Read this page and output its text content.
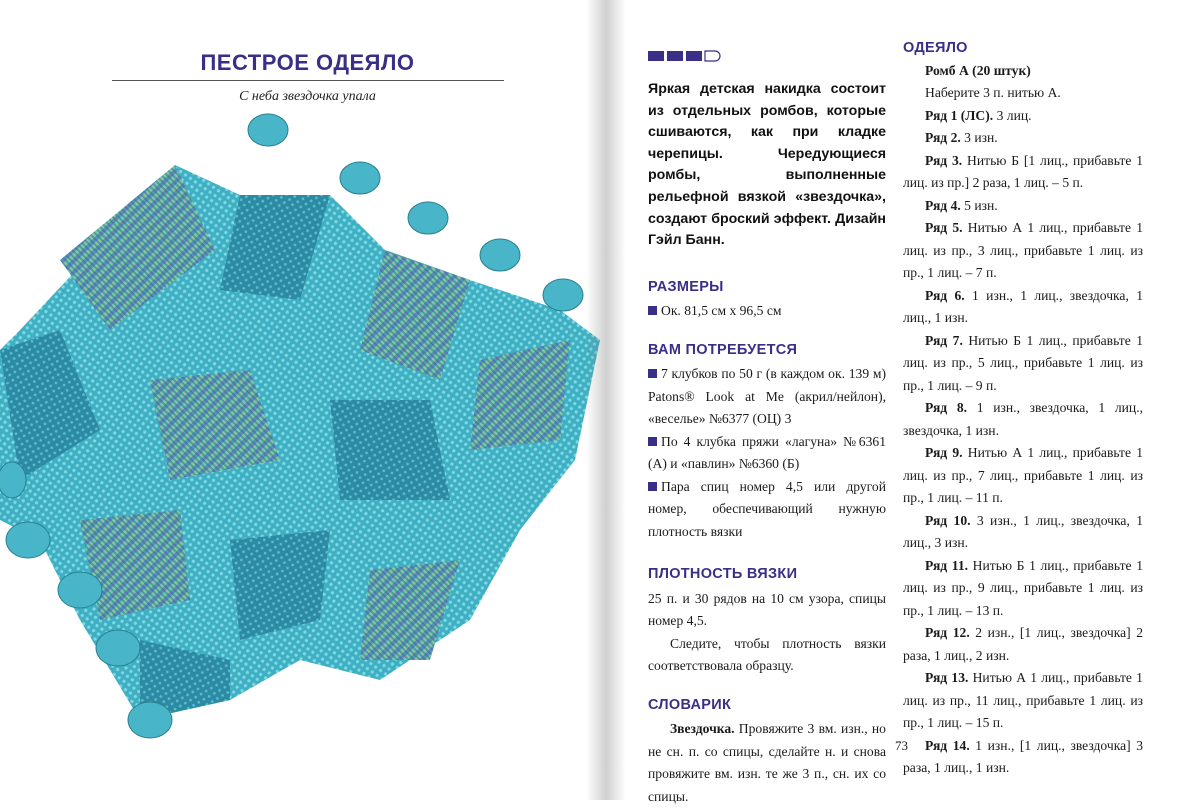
ПЕСТРОЕ ОДЕЯЛО
С неба звездочка упала	Яркая детская накидка состоит из отдельных ромбов, которые сшиваются, как при кладке черепицы. Чередующиеся ромбы, выполненные рельефной вязкой «звездочка», создают броский эффект. Дизайн Гэйл Банн.
РАЗМЕРЫ
Ок. 81,5 см х 96,5 см
ВАМ ПОТРЕБУЕТСЯ
7 клубков по 50 г (в каждом ок. 139 м) Patons® Look at Me (акрил/нейлон), «веселье» №6377 (ОЦ) 3
По 4 клубка пряжи «лагуна» №6361 (А) и «павлин» №6360 (Б)
Пара спиц номер 4,5 или другой номер, обеспечивающий нужную плотность вязки
ПЛОТНОСТЬ ВЯЗКИ
25 п. и 30 рядов на 10 см узора, спицы номер 4,5.
Следите, чтобы плотность вязки соответствовала образцу.
СЛОВАРИК
Звездочка. Провяжите 3 вм. изн., но не сн. п. со спицы, сделайте н. и снова провяжите вм. изн. те же 3 п., сн. их со спицы.
ОДЕЯЛО
Ромб А (20 штук)
Наберите 3 п. нитью А.
Ряд 1 (ЛС). 3 лиц.
Ряд 2. 3 изн.
Ряд 3. Нитью Б [1 лиц., прибавьте 1 лиц. из пр.] 2 раза, 1 лиц. – 5 п.
Ряд 4. 5 изн.
Ряд 5. Нитью А 1 лиц., прибавьте 1 лиц. из пр., 3 лиц., прибавьте 1 лиц. из пр., 1 лиц. – 7 п.
Ряд 6. 1 изн., 1 лиц., звездочка, 1 лиц., 1 изн.
Ряд 7. Нитью Б 1 лиц., прибавьте 1 лиц. из пр., 5 лиц., прибавьте 1 лиц. из пр., 1 лиц. – 9 п.
Ряд 8. 1 изн., звездочка, 1 лиц., звездочка, 1 изн.
Ряд 9. Нитью А 1 лиц., прибавьте 1 лиц. из пр., 7 лиц., прибавьте 1 лиц. из пр., 1 лиц. – 11 п.
Ряд 10. 3 изн., 1 лиц., звездочка, 1 лиц., 3 изн.
Ряд 11. Нитью Б 1 лиц., прибавьте 1 лиц. из пр., 9 лиц., прибавьте 1 лиц. из пр., 1 лиц. – 13 п.
Ряд 12. 2 изн., [1 лиц., звездочка] 2 раза, 1 лиц., 2 изн.
Ряд 13. Нитью А 1 лиц., прибавьте 1 лиц. из пр., 11 лиц., прибавьте 1 лиц. из пр., 1 лиц. – 15 п.
Ряд 14. 1 изн., [1 лиц., звездочка] 3 раза, 1 лиц., 1 изн.
73
